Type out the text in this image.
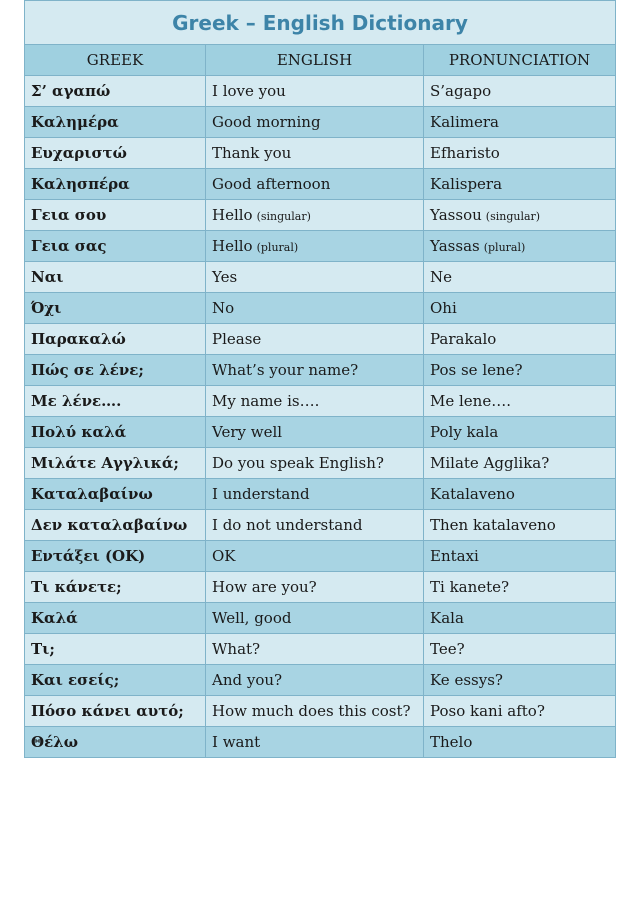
Greek – English Dictionary		
GREEK	ENGLISH	PRONUNCIATION
Σ’ αγαπώ	I love you	S’agapo
Καλημέρα	Good morning	Kalimera
Ευχαριστώ	Thank you	Efharisto
Καλησπέρα	Good afternoon	Kalispera
Γεια σου	Hello (singular)	Yassou (singular)
Γεια σας	Hello (plural)	Yassas (plural)
Ναι	Yes	Ne
Όχι	No	Ohi
Παρακαλώ	Please	Parakalo
Πώς σε λένε;	What’s your name?	Pos se lene?
Με λένε….	My name is….	Me lene….
Πολύ καλά	Very well	Poly kala
Μιλάτε Αγγλικά;	Do you speak English?	Milate Agglika?
Καταλαβαίνω	I understand	Katalaveno
Δεν καταλαβαίνω	I do not understand	Then katalaveno
Εντάξει (ΟΚ)	OK	Entaxi
Τι κάνετε;	How are you?	Ti kanete?
Καλά	Well, good	Kala
Τι;	What?	Tee?
Και εσείς;	And you?	Ke essys?
Πόσο κάνει αυτό;	How much does this cost?	Poso kani afto?
Θέλω	I want	Thelo
